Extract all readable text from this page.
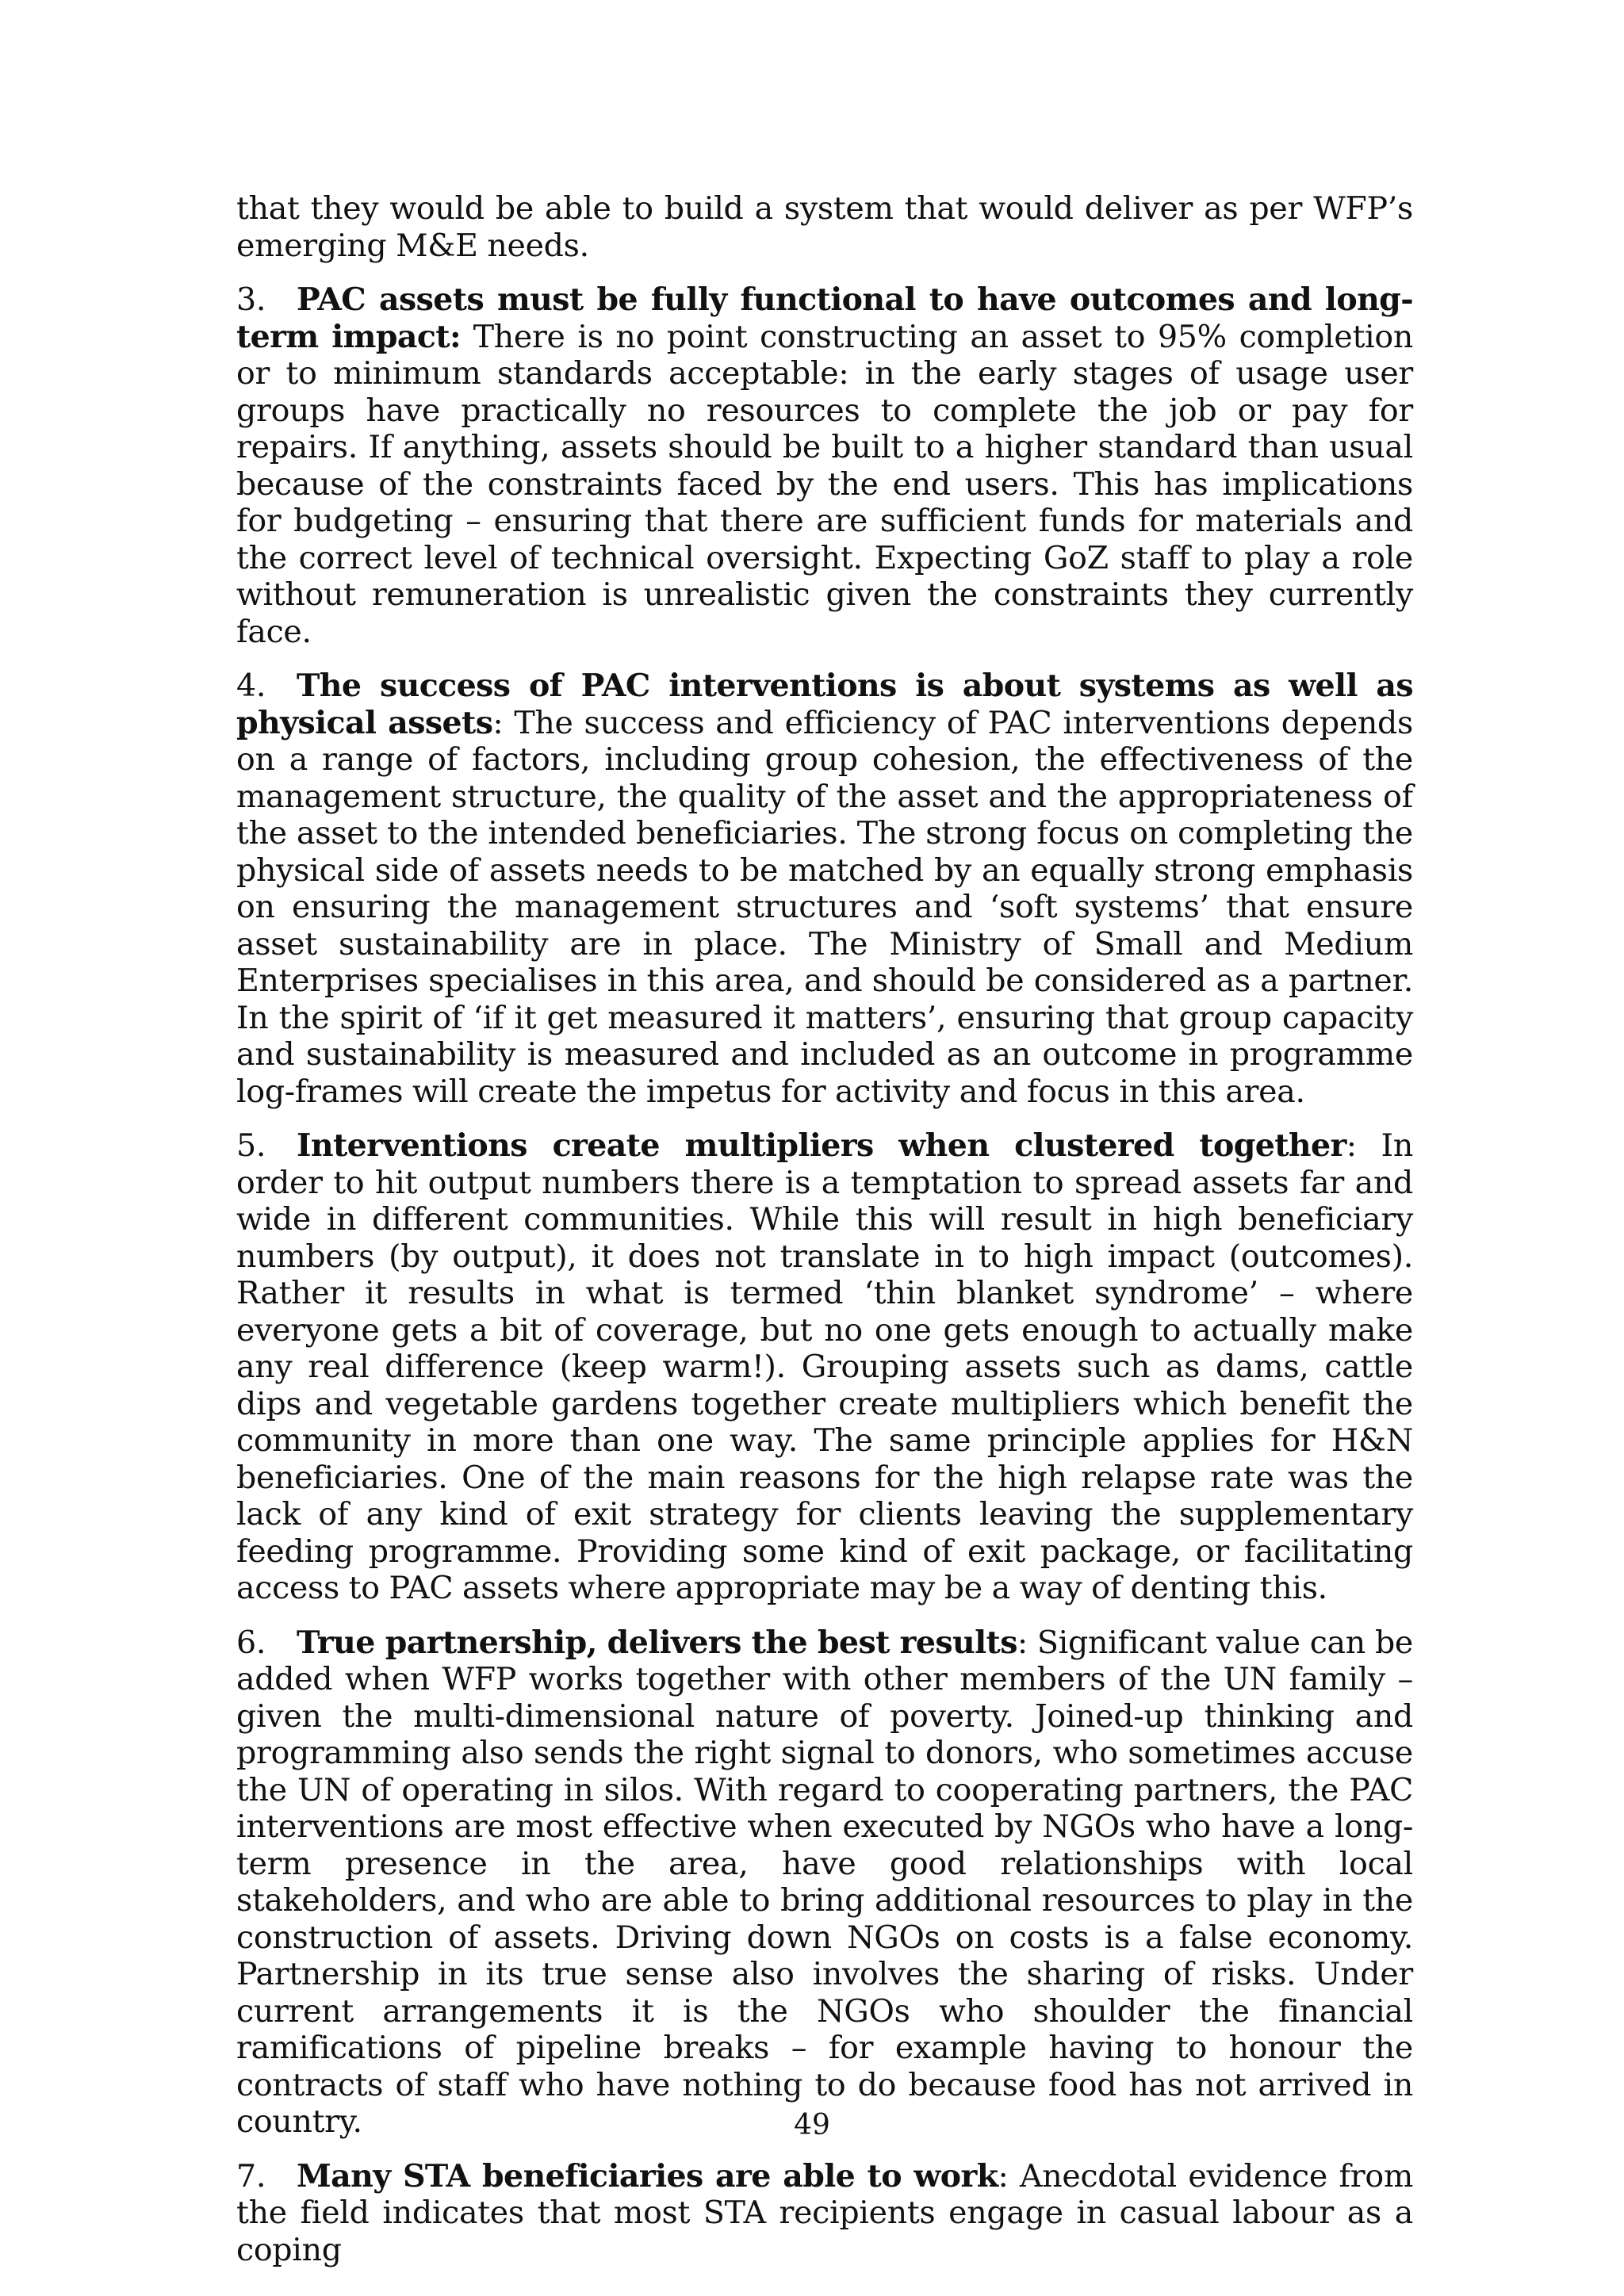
that they would be able to build a system that would deliver as per WFP’s emerging M&E needs.

3. PAC assets must be fully functional to have outcomes and long-term impact: There is no point constructing an asset to 95% completion or to minimum standards acceptable: in the early stages of usage user groups have practically no resources to complete the job or pay for repairs. If anything, assets should be built to a higher standard than usual because of the constraints faced by the end users. This has implications for budgeting – ensuring that there are sufficient funds for materials and the correct level of technical oversight. Expecting GoZ staff to play a role without remuneration is unrealistic given the constraints they currently face.

4. The success of PAC interventions is about systems as well as physical assets: The success and efficiency of PAC interventions depends on a range of factors, including group cohesion, the effectiveness of the management structure, the quality of the asset and the appropriateness of the asset to the intended beneficiaries. The strong focus on completing the physical side of assets needs to be matched by an equally strong emphasis on ensuring the management structures and ‘soft systems’ that ensure asset sustainability are in place. The Ministry of Small and Medium Enterprises specialises in this area, and should be considered as a partner. In the spirit of ‘if it get measured it matters’, ensuring that group capacity and sustainability is measured and included as an outcome in programme log-frames will create the impetus for activity and focus in this area.

5. Interventions create multipliers when clustered together: In order to hit output numbers there is a temptation to spread assets far and wide in different communities. While this will result in high beneficiary numbers (by output), it does not translate in to high impact (outcomes). Rather it results in what is termed ‘thin blanket syndrome’ – where everyone gets a bit of coverage, but no one gets enough to actually make any real difference (keep warm!). Grouping assets such as dams, cattle dips and vegetable gardens together create multipliers which benefit the community in more than one way. The same principle applies for H&N beneficiaries. One of the main reasons for the high relapse rate was the lack of any kind of exit strategy for clients leaving the supplementary feeding programme. Providing some kind of exit package, or facilitating access to PAC assets where appropriate may be a way of denting this.

6. True partnership, delivers the best results: Significant value can be added when WFP works together with other members of the UN family – given the multi-dimensional nature of poverty. Joined-up thinking and programming also sends the right signal to donors, who sometimes accuse the UN of operating in silos. With regard to cooperating partners, the PAC interventions are most effective when executed by NGOs who have a long-term presence in the area, have good relationships with local stakeholders, and who are able to bring additional resources to play in the construction of assets. Driving down NGOs on costs is a false economy. Partnership in its true sense also involves the sharing of risks. Under current arrangements it is the NGOs who shoulder the financial ramifications of pipeline breaks – for example having to honour the contracts of staff who have nothing to do because food has not arrived in country.

7. Many STA beneficiaries are able to work: Anecdotal evidence from the field indicates that most STA recipients engage in casual labour as a coping

49
